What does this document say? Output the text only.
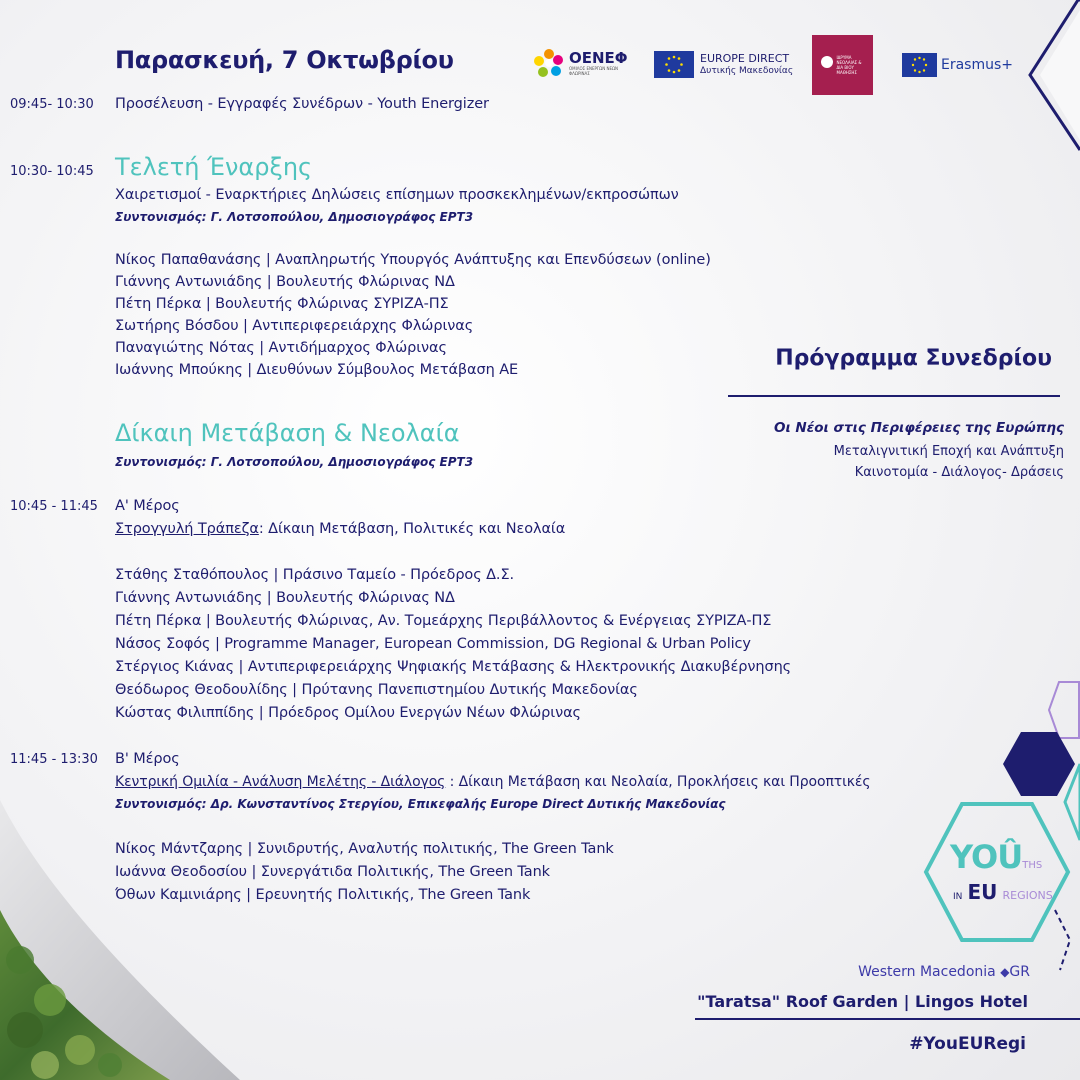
Παρασκευή, 7 Οκτωβρίου	ΟΕΝΕΦ
ΟΜΙΛΟΣ ΕΝΕΡΓΩΝ ΝΕΩΝ ΦΛΩΡΙΝΑΣ
EUROPE DIRECT
Δυτικής Μακεδονίας
ΙΔΡΥΜΑ ΝΕΟΛΑΙΑΣ & ΔΙΑ ΒΙΟΥ ΜΑΘΗΣΗΣ	Erasmus+
09:45- 10:30 Προσέλευση - Εγγραφές Συνέδρων - Youth Energizer
10:30- 10:45 Τελετή Έναρξης
Χαιρετισμοί - Εναρκτήριες Δηλώσεις επίσημων προσκεκλημένων/εκπροσώπων
Συντονισμός: Γ. Λοτσοπούλου, Δημοσιογράφος ΕΡΤ3
Νίκος Παπαθανάσης | Αναπληρωτής Υπουργός Ανάπτυξης και Επενδύσεων (online)
Γιάννης Αντωνιάδης | Βουλευτής Φλώρινας ΝΔ
Πέτη Πέρκα | Βουλευτής Φλώρινας ΣΥΡΙΖΑ-ΠΣ
Σωτήρης Βόσδου | Αντιπεριφερειάρχης Φλώρινας
Παναγιώτης Νότας | Αντιδήμαρχος Φλώρινας
Ιωάννης Μπούκης | Διευθύνων Σύμβουλος Μετάβαση ΑΕ
Δίκαιη Μετάβαση & Νεολαία
Συντονισμός: Γ. Λοτσοπούλου, Δημοσιογράφος ΕΡΤ3
10:45 - 11:45 Α' Μέρος
Στρογγυλή Τράπεζα: Δίκαιη Μετάβαση, Πολιτικές και Νεολαία
Στάθης Σταθόπουλος | Πράσινο Ταμείο - Πρόεδρος Δ.Σ.
Γιάννης Αντωνιάδης | Βουλευτής Φλώρινας ΝΔ
Πέτη Πέρκα | Βουλευτής Φλώρινας, Αν. Τομεάρχης Περιβάλλοντος & Ενέργειας ΣΥΡΙΖΑ-ΠΣ
Νάσος Σοφός | Programme Manager, European Commission, DG Regional & Urban Policy
Στέργιος Κιάνας | Αντιπεριφερειάρχης Ψηφιακής Μετάβασης & Ηλεκτρονικής Διακυβέρνησης
Θεόδωρος Θεοδουλίδης | Πρύτανης Πανεπιστημίου Δυτικής Μακεδονίας
Κώστας Φιλιππίδης | Πρόεδρος Ομίλου Ενεργών Νέων Φλώρινας
11:45 - 13:30 Β' Μέρος
Κεντρική Ομιλία - Ανάλυση Μελέτης - Διάλογος : Δίκαιη Μετάβαση και Νεολαία, Προκλήσεις και Προοπτικές
Συντονισμός: Δρ. Κωνσταντίνος Στεργίου, Επικεφαλής Europe Direct Δυτικής Μακεδονίας
Νίκος Μάντζαρης | Συνιδρυτής, Αναλυτής πολιτικής, The Green Tank
Ιωάννα Θεοδοσίου | Συνεργάτιδα Πολιτικής, The Green Tank
Όθων Καμινιάρης | Ερευνητής Πολιτικής, The Green Tank
Πρόγραμμα Συνεδρίου
Οι Νέοι στις Περιφέρειες της Ευρώπης
Μεταλιγνιτική Εποχή και Ανάπτυξη
Καινοτομία - Διάλογος- Δράσεις
YOÛTHS
IN EU REGIONS
Western Macedonia ◆GR
"Taratsa" Roof Garden | Lingos Hotel
#YouEURegi
